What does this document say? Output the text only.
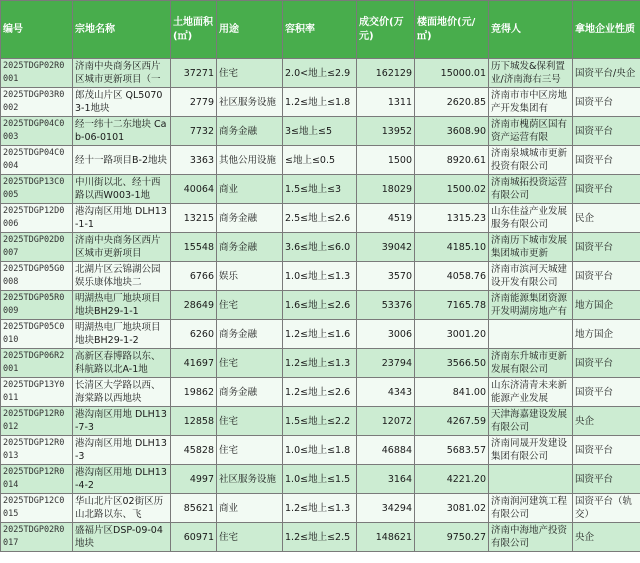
编号	宗地名称	土地面积(㎡)	用途	容积率	成交价(万元)	楼面地价(元/㎡)	竞得人	拿地企业性质

2025TDGP02R0 001	济南中央商务区西片区城市更新项目（一	37271	住宅	2.0<地上≤2.9	162129	15000.01	历下城发&保利置业/济南海右三号	国资平台/央企

2025TDGP03R0 002	郎茂山片区 QL50703-1地块	2779	社区服务设施	1.2≤地上≤1.8	1311	2620.85	济南市市中区房地产开发集团有	国资平台

2025TDGP04C0 003	经一纬十二东地块 Cab-06-0101	7732	商务金融	3≤地上≤5	13952	3608.90	济南市槐荫区国有资产运营有限	国资平台

2025TDGP04C0 004	经十一路项目B-2地块	3363	其他公用设施	≤地上≤0.5	1500	8920.61	济南泉城城市更新投资有限公司	国资平台

2025TDGP13C0 005	中川街以北、经十西路以西W003-1地	40064	商业	1.5≤地上≤3	18029	1500.02	济南城拓投资运营有限公司	国资平台

2025TDGP12D0 006	港沟南区用地 DLH13-1-1	13215	商务金融	2.5≤地上≤2.6	4519	1315.23	山东佳益产业发展服务有限公司	民企

2025TDGP02D0 007	济南中央商务区西片区城市更新项目	15548	商务金融	3.6≤地上≤6.0	39042	4185.10	济南历下城市发展集团城市更新	国资平台

2025TDGP05G0 008	北湖片区云锦湖公园娱乐康体地块二	6766	娱乐	1.0≤地上≤1.3	3570	4058.76	济南市滨河天城建设开发有限公司	国资平台

2025TDGP05R0 009	明湖热电厂地块项目地块BH29-1-1	28649	住宅	1.6≤地上≤2.6	53376	7165.78	济南能源集团资源开发明湖房地产有	地方国企

2025TDGP05C0 010	明湖热电厂地块项目地块BH29-1-2	6260	商务金融	1.2≤地上≤1.6	3006	3001.20		地方国企

2025TDGP06R2 001	高新区春博路以东、科航路以北A-1地	41697	住宅	1.2≤地上≤1.3	23794	3566.50	济南东升城市更新发展有限公司	国资平台

2025TDGP13Y0 011	长清区大学路以西、海棠路以西地块	19862	商务金融	1.2≤地上≤2.6	4343	841.00	山东济清青未来新能源产业发展	国资平台

2025TDGP12R0 012	港沟南区用地 DLH13-7-3	12858	住宅	1.5≤地上≤2.2	12072	4267.59	天津海嘉建设发展有限公司	央企

2025TDGP12R0 013	港沟南区用地 DLH13-3	45828	住宅	1.0≤地上≤1.8	46884	5683.57	济南同晟开发建设集团有限公司	国资平台

2025TDGP12R0 014	港沟南区用地 DLH13-4-2	4997	社区服务设施	1.0≤地上≤1.5	3164	4221.20		国资平台

2025TDGP12C0 015	华山北片区02街区历山北路以东、飞	85621	商业	1.2≤地上≤1.3	34294	3081.02	济南润河建筑工程有限公司	国资平台（轨交）

2025TDGP02R0 017	盛福片区DSP-09-04地块	60971	住宅	1.2≤地上≤2.5	148621	9750.27	济南中海地产投资有限公司	央企
